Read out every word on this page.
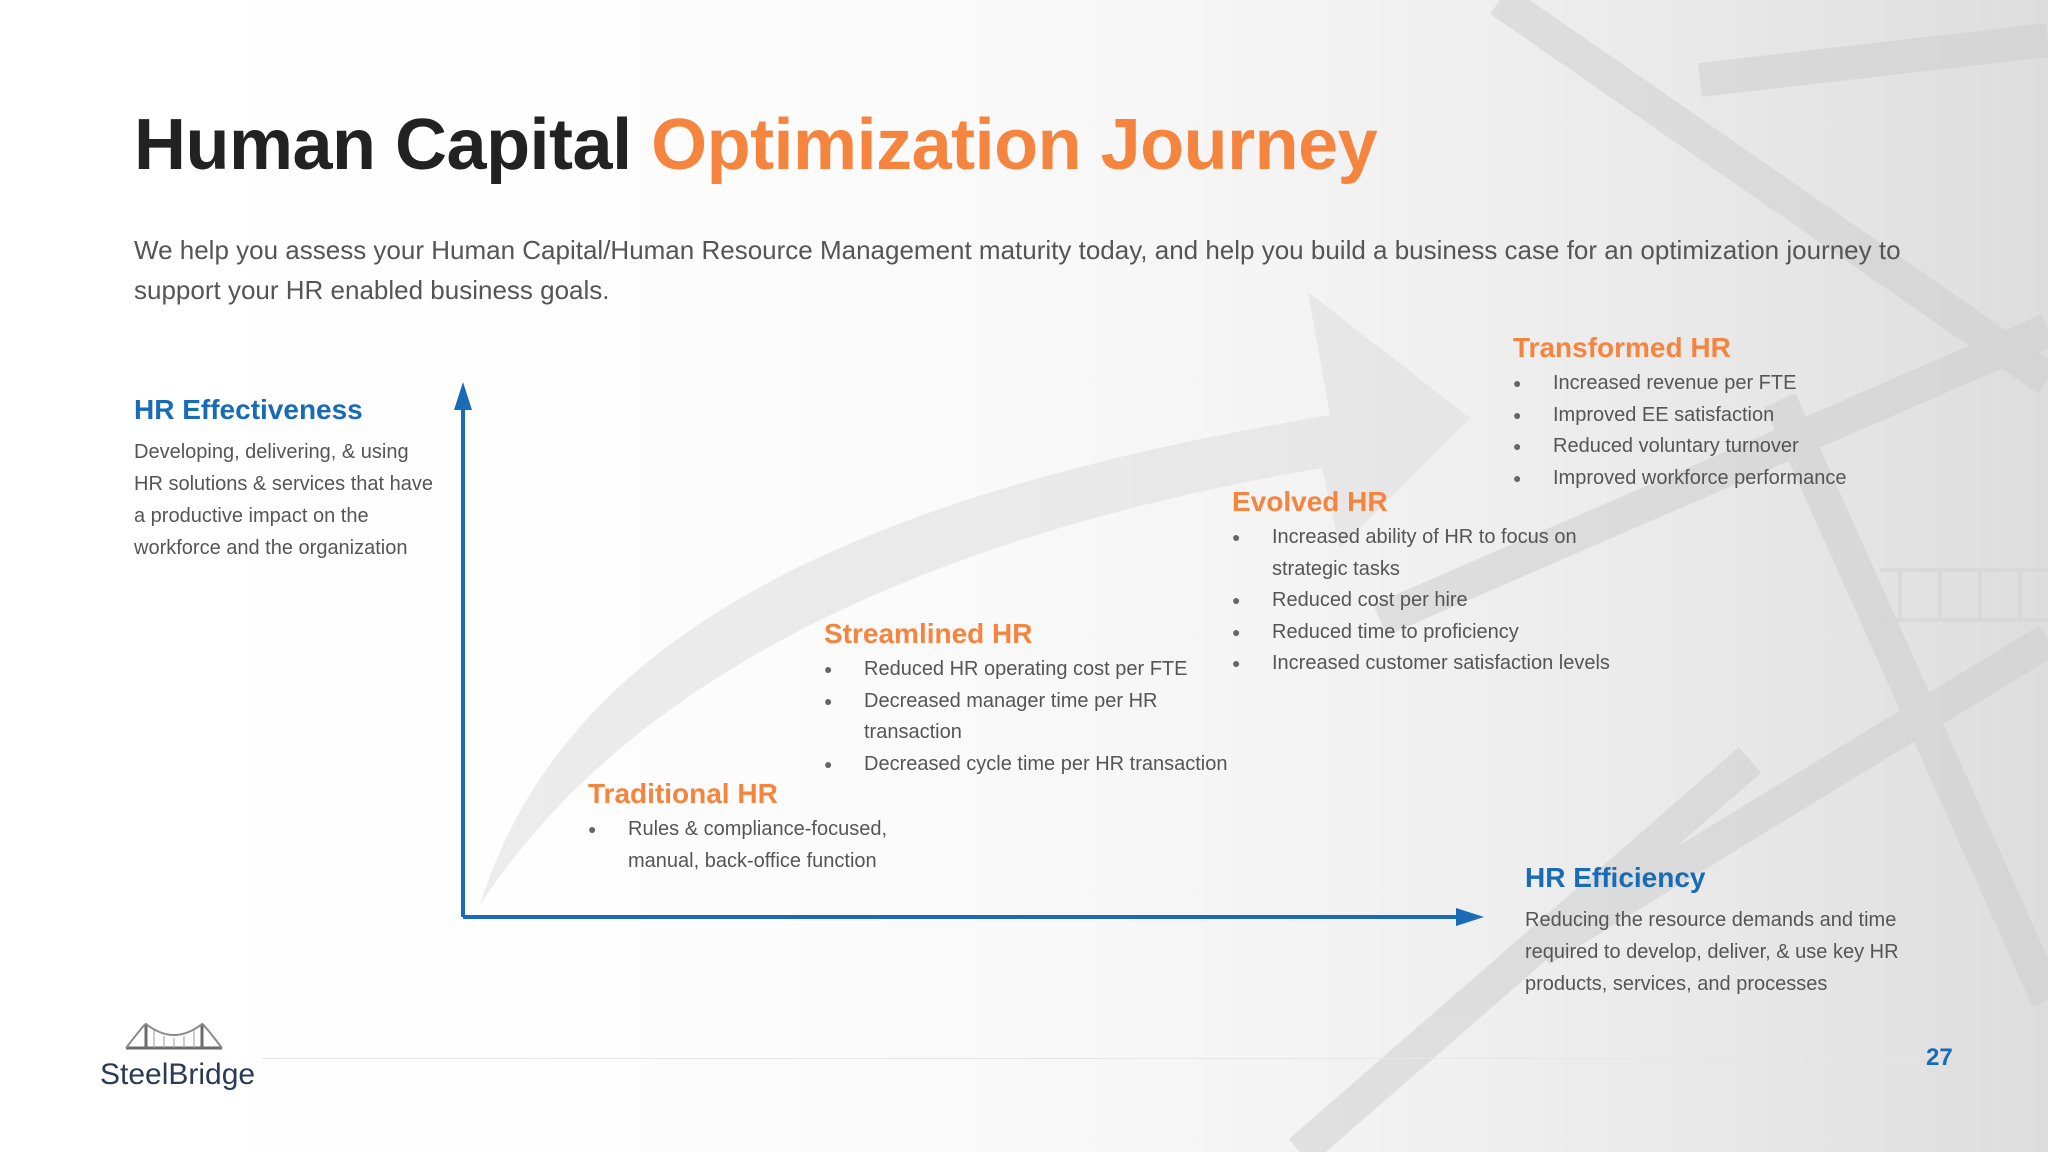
Human Capital Optimization Journey

We help you assess your Human Capital/Human Resource Management maturity today, and help you build a business case for an optimization journey to support your HR enabled business goals.

HR Effectiveness

Developing, delivering, & using HR solutions & services that have a productive impact on the workforce and the organization

HR Efficiency

Reducing the resource demands and time required to develop, deliver, & use key HR products, services, and processes

Traditional HR
● Rules & compliance-focused, manual, back-office function
Streamlined HR
● Reduced HR operating cost per FTE
● Decreased manager time per HR transaction
● Decreased cycle time per HR transaction
Evolved HR
● Increased ability of HR to focus on strategic tasks
● Reduced cost per hire
● Reduced time to proficiency
● Increased customer satisfaction levels
Transformed HR
● Increased revenue per FTE
● Improved EE satisfaction
● Reduced voluntary turnover
● Improved workforce performance
SteelBridge
27
